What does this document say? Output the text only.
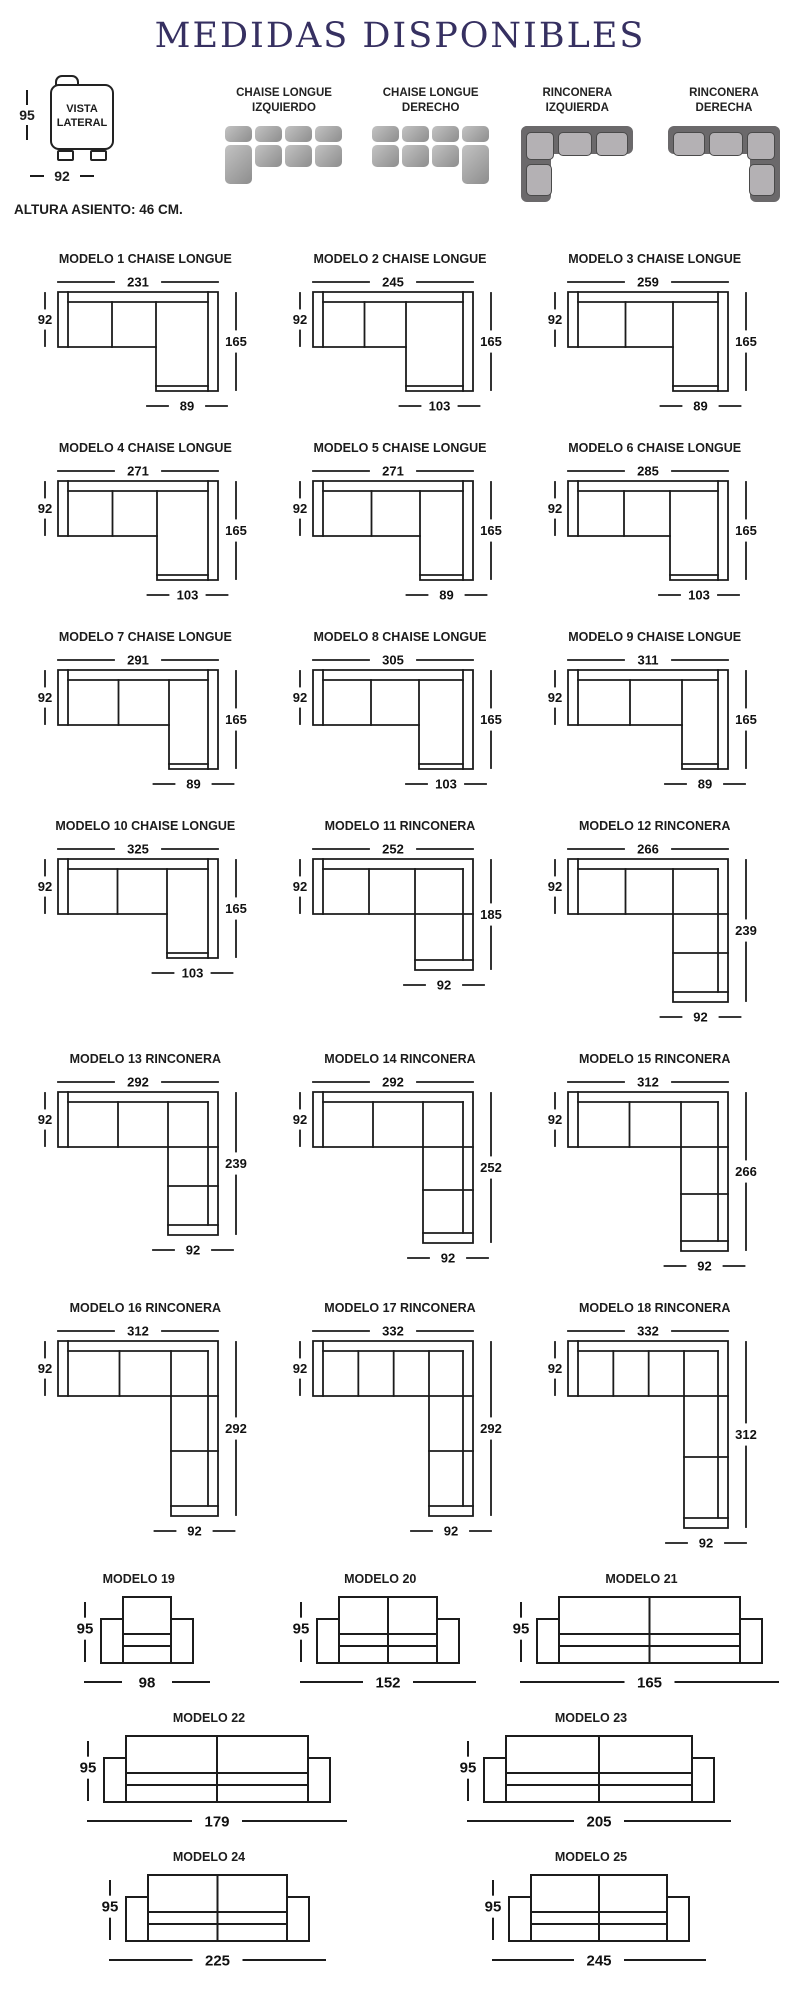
MEDIDAS DISPONIBLES
95	VISTA LATERAL
92
ALTURA ASIENTO: 46 CM.
CHAISE LONGUE
IZQUIERDO
CHAISE LONGUE
DERECHO
RINCONERA
IZQUIERDA
RINCONERA
DERECHA
MODELO 1 CHAISE LONGUE
231
92
165
89
MODELO 2 CHAISE LONGUE
245
92
165
103
MODELO 3 CHAISE LONGUE
259
92
165
89
MODELO 4 CHAISE LONGUE
271
92
165
103
MODELO 5 CHAISE LONGUE
271
92
165
89
MODELO 6 CHAISE LONGUE
285
92
165
103
MODELO 7 CHAISE LONGUE
291
92
165
89
MODELO 8 CHAISE LONGUE
305
92
165
103
MODELO 9 CHAISE LONGUE
311
92
165
89
MODELO 10 CHAISE LONGUE
325
92
165
103
MODELO 11 RINCONERA
252
92
185
92
MODELO 12 RINCONERA
266
92
239
92
MODELO 13 RINCONERA
292
92
239
92
MODELO 14 RINCONERA
292
92
252
92
MODELO 15 RINCONERA
312
92
266
92
MODELO 16 RINCONERA
312
92
292
92
MODELO 17 RINCONERA
332
92
292
92
MODELO 18 RINCONERA
332
92
312
92
MODELO 19
95
98
MODELO 20
95
152
MODELO 21
95
165
MODELO 22
95
179
MODELO 23
95
205
MODELO 24
95
225
MODELO 25
95
245
